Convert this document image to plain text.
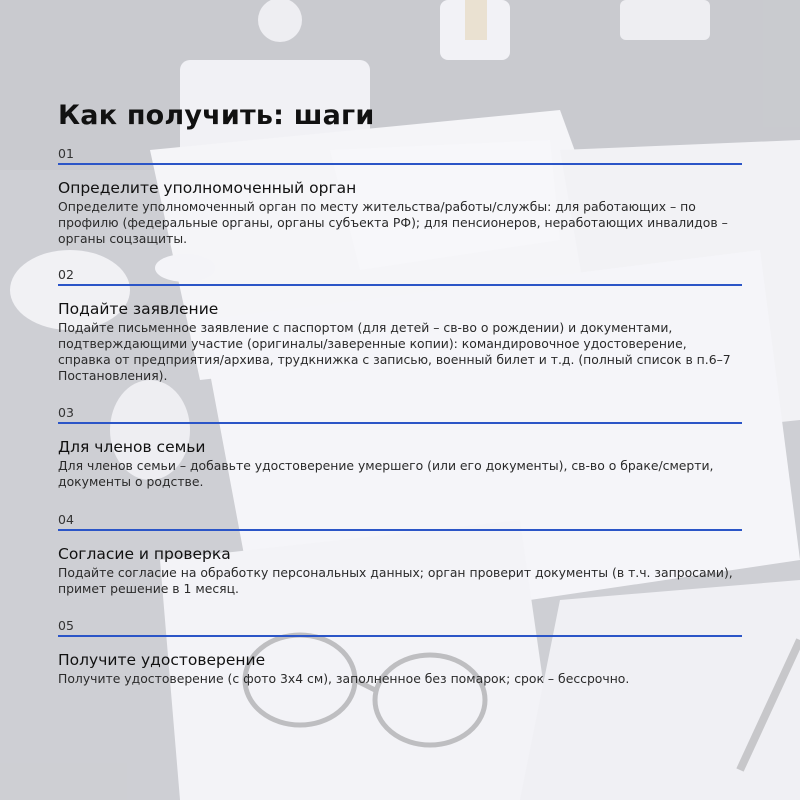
Как получить: шаги
01
Определите уполномоченный орган
Определите уполномоченный орган по месту жительства/работы/службы: для работающих – по профилю (федеральные органы, органы субъекта РФ); для пенсионеров, неработающих инвалидов – органы соцзащиты.
02
Подайте заявление
Подайте письменное заявление с паспортом (для детей – св-во о рождении) и документами, подтверждающими участие (оригиналы/заверенные копии): командировочное удостоверение, справка от предприятия/архива, трудкнижка с записью, военный билет и т.д. (полный список в п.6–7 Постановления).
03
Для членов семьи
Для членов семьи – добавьте удостоверение умершего (или его документы), св-во о браке/смерти, документы о родстве.
04
Согласие и проверка
Подайте согласие на обработку персональных данных; орган проверит документы (в т.ч. запросами), примет решение в 1 месяц.
05
Получите удостоверение
Получите удостоверение (с фото 3х4 см), заполненное без помарок; срок – бессрочно.
